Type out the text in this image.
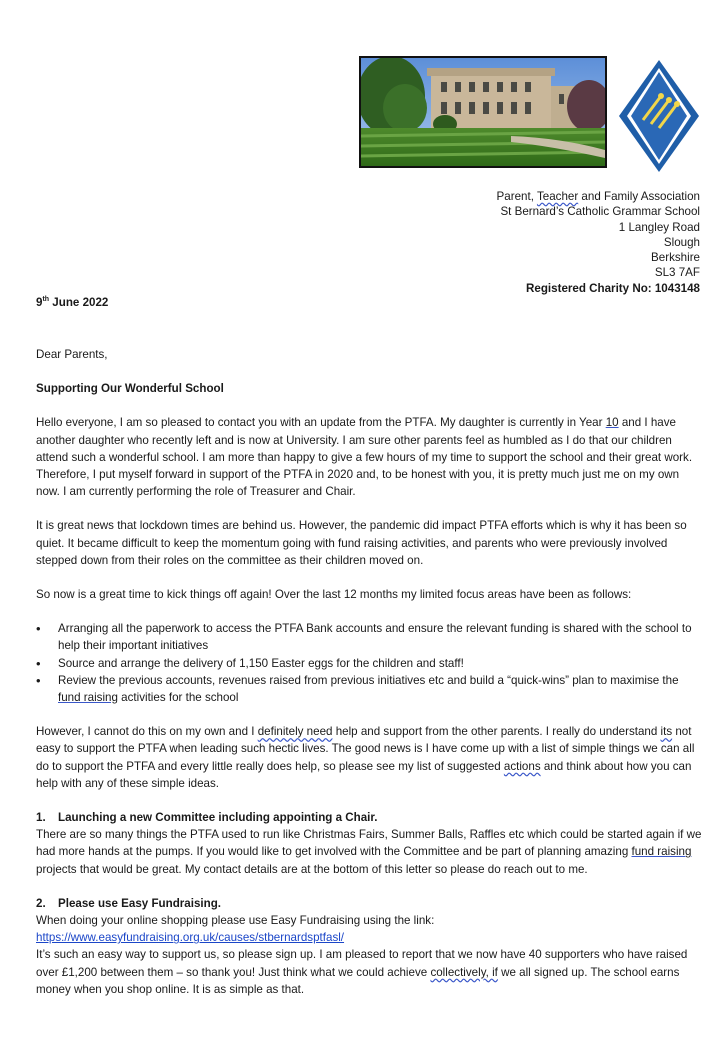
Parent, Teacher and Family Association
St Bernard’s Catholic Grammar School
1 Langley Road
Slough
Berkshire
SL3 7AF
Registered Charity No: 1043148
9th June 2022

Dear Parents,

Supporting Our Wonderful School

Hello everyone, I am so pleased to contact you with an update from the PTFA. My daughter is currently in Year 10 and I have another daughter who recently left and is now at University. I am sure other parents feel as humbled as I do that our children attend such a wonderful school. I am more than happy to give a few hours of my time to support the school and their great work. Therefore, I put myself forward in support of the PTFA in 2020 and, to be honest with you, it is pretty much just me on my own now. I am currently performing the role of Treasurer and Chair.

It is great news that lockdown times are behind us. However, the pandemic did impact PTFA efforts which is why it has been so quiet. It became difficult to keep the momentum going with fund raising activities, and parents who were previously involved stepped down from their roles on the committee as their children moved on.

So now is a great time to kick things off again! Over the last 12 months my limited focus areas have been as follows:

• Arranging all the paperwork to access the PTFA Bank accounts and ensure the relevant funding is shared with the school to help their important initiatives
• Source and arrange the delivery of 1,150 Easter eggs for the children and staff!
• Review the previous accounts, revenues raised from previous initiatives etc and build a “quick-wins” plan to maximise the fund raising activities for the school

However, I cannot do this on my own and I definitely need help and support from the other parents. I really do understand its not easy to support the PTFA when leading such hectic lives. The good news is I have come up with a list of simple things we can all do to support the PTFA and every little really does help, so please see my list of suggested actions and think about how you can help with any of these simple ideas.

1. Launching a new Committee including appointing a Chair.

There are so many things the PTFA used to run like Christmas Fairs, Summer Balls, Raffles etc which could be started again if we had more hands at the pumps. If you would like to get involved with the Committee and be part of planning amazing fund raising projects that would be great. My contact details are at the bottom of this letter so please do reach out to me.

2. Please use Easy Fundraising.

When doing your online shopping please use Easy Fundraising using the link:

https://www.easyfundraising.org.uk/causes/stbernardsptfasl/

It’s such an easy way to support us, so please sign up. I am pleased to report that we now have 40 supporters who have raised over £1,200 between them – so thank you! Just think what we could achieve collectively, if we all signed up. The school earns money when you shop online. It is as simple as that.
